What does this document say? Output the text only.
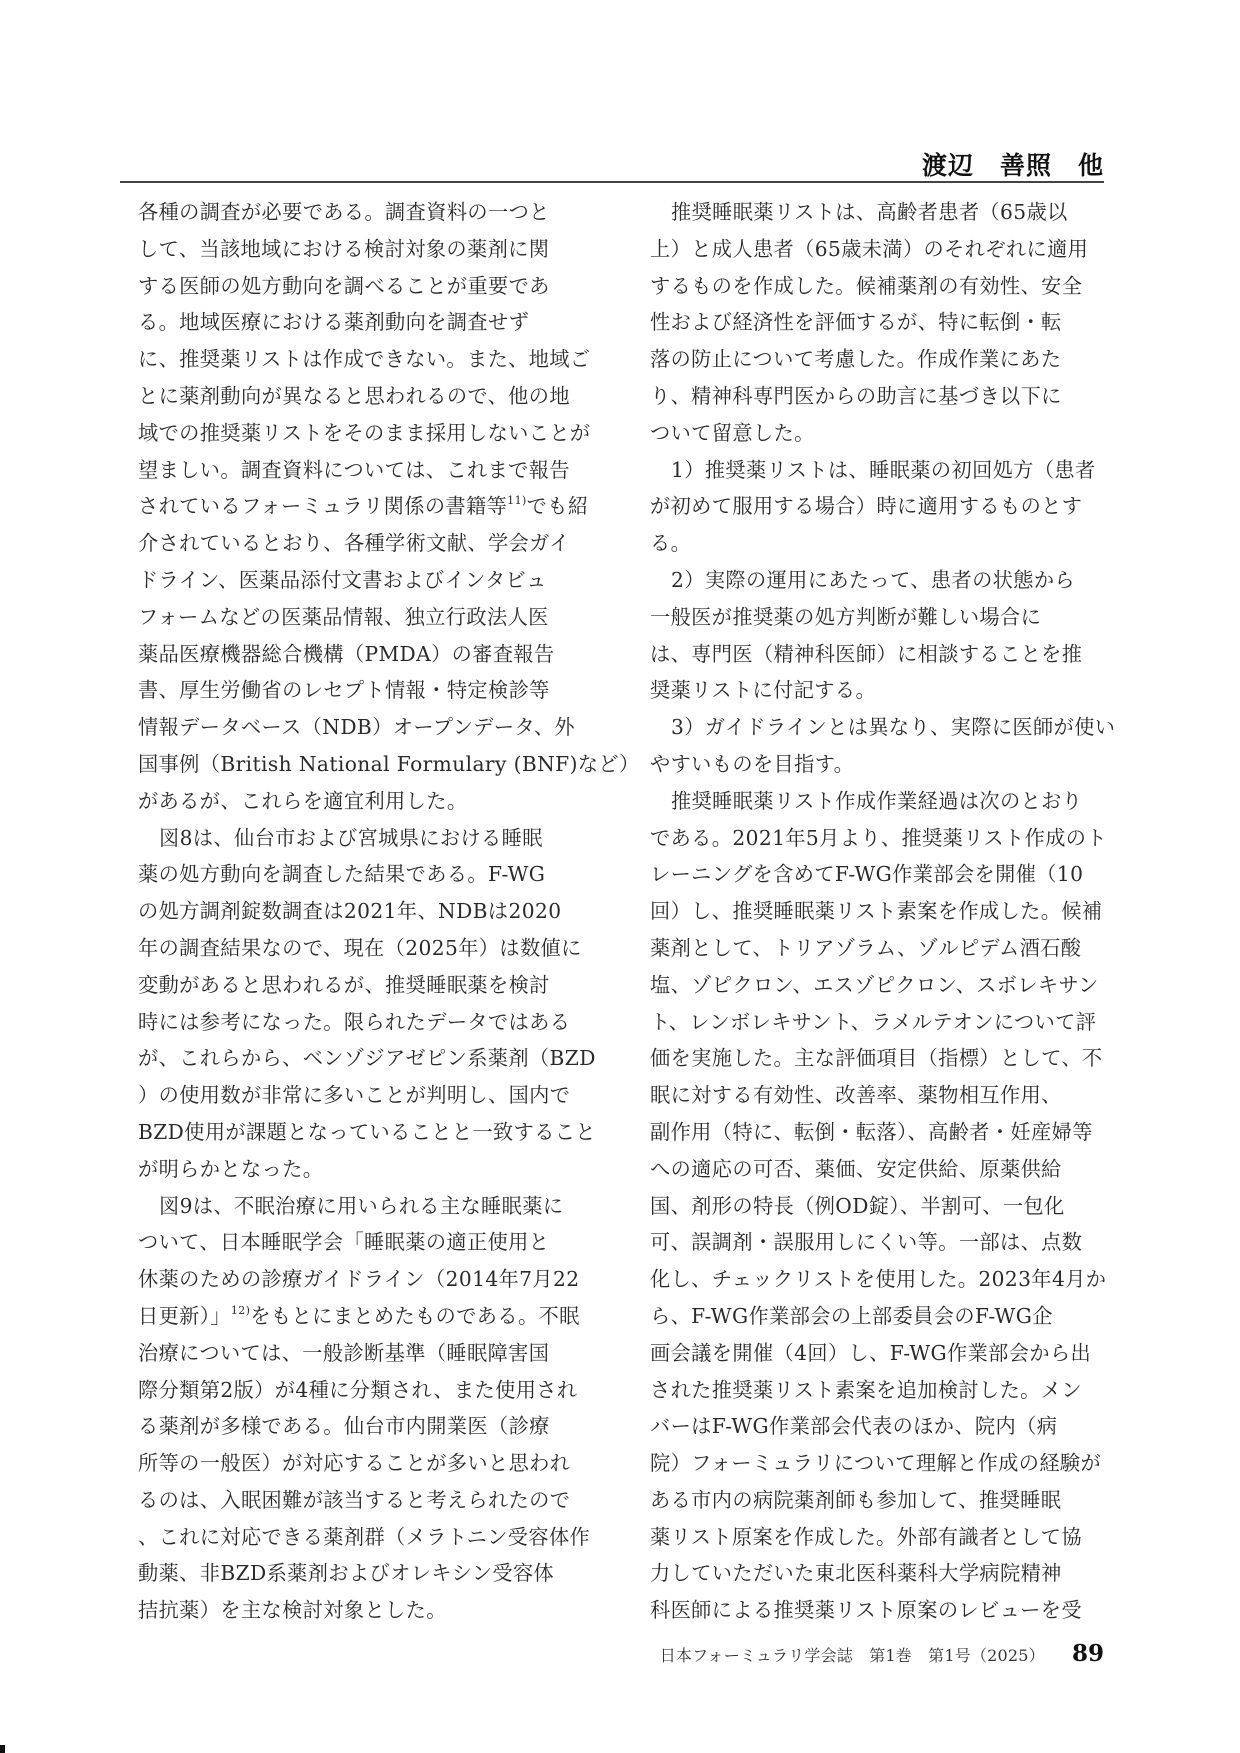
渡辺　善照　他
各種の調査が必要である。調査資料の一つと
して、当該地域における検討対象の薬剤に関
する医師の処方動向を調べることが重要であ
る。地域医療における薬剤動向を調査せず
に、推奨薬リストは作成できない。また、地域ご
とに薬剤動向が異なると思われるので、他の地
域での推奨薬リストをそのまま採用しないことが
望ましい。調査資料については、これまで報告
されているフォーミュラリ関係の書籍等$^{11)}$でも紹
介されているとおり、各種学術文献、学会ガイ
ドライン、医薬品添付文書およびインタビュ
フォームなどの医薬品情報、独立行政法人医
薬品医療機器総合機構（PMDA）の審査報告
書、厚生労働省のレセプト情報・特定検診等
情報データベース（NDB）オープンデータ、外
国事例（British National Formulary (BNF)など）
があるが、これらを適宜利用した。
図8は、仙台市および宮城県における睡眠
薬の処方動向を調査した結果である。F-WG
の処方調剤錠数調査は2021年、NDBは2020
年の調査結果なので、現在（2025年）は数値に
変動があると思われるが、推奨睡眠薬を検討
時には参考になった。限られたデータではある
が、これらから、ベンゾジアゼピン系薬剤（BZD
）の使用数が非常に多いことが判明し、国内で
BZD使用が課題となっていることと一致すること
が明らかとなった。
図9は、不眠治療に用いられる主な睡眠薬に
ついて、日本睡眠学会「睡眠薬の適正使用と
休薬のための診療ガイドライン（2014年7月22
日更新）」$^{12)}$をもとにまとめたものである。不眠
治療については、一般診断基準（睡眠障害国
際分類第2版）が4種に分類され、また使用され
る薬剤が多様である。仙台市内開業医（診療
所等の一般医）が対応することが多いと思われ
るのは、入眠困難が該当すると考えられたので
、これに対応できる薬剤群（メラトニン受容体作
動薬、非BZD系薬剤およびオレキシン受容体
拮抗薬）を主な検討対象とした。
推奨睡眠薬リストは、高齢者患者（65歳以
上）と成人患者（65歳未満）のそれぞれに適用
するものを作成した。候補薬剤の有効性、安全
性および経済性を評価するが、特に転倒・転
落の防止について考慮した。作成作業にあた
り、精神科専門医からの助言に基づき以下に
ついて留意した。
1）推奨薬リストは、睡眠薬の初回処方（患者
が初めて服用する場合）時に適用するものとす
る。
2）実際の運用にあたって、患者の状態から
一般医が推奨薬の処方判断が難しい場合に
は、専門医（精神科医師）に相談することを推
奨薬リストに付記する。
3）ガイドラインとは異なり、実際に医師が使い
やすいものを目指す。
推奨睡眠薬リスト作成作業経過は次のとおり
である。2021年5月より、推奨薬リスト作成のト
レーニングを含めてF-WG作業部会を開催（10
回）し、推奨睡眠薬リスト素案を作成した。候補
薬剤として、トリアゾラム、ゾルピデム酒石酸
塩、ゾピクロン、エスゾピクロン、スボレキサン
ト、レンボレキサント、ラメルテオンについて評
価を実施した。主な評価項目（指標）として、不
眠に対する有効性、改善率、薬物相互作用、
副作用（特に、転倒・転落）、高齢者・妊産婦等
への適応の可否、薬価、安定供給、原薬供給
国、剤形の特長（例OD錠）、半割可、一包化
可、誤調剤・誤服用しにくい等。一部は、点数
化し、チェックリストを使用した。2023年4月か
ら、F-WG作業部会の上部委員会のF-WG企
画会議を開催（4回）し、F-WG作業部会から出
された推奨薬リスト素案を追加検討した。メン
バーはF-WG作業部会代表のほか、院内（病
院）フォーミュラリについて理解と作成の経験が
ある市内の病院薬剤師も参加して、推奨睡眠
薬リスト原案を作成した。外部有識者として協
力していただいた東北医科薬科大学病院精神
科医師による推奨薬リスト原案のレビューを受
日本フォーミュラリ学会誌　第1巻　第1号（2025） 89
